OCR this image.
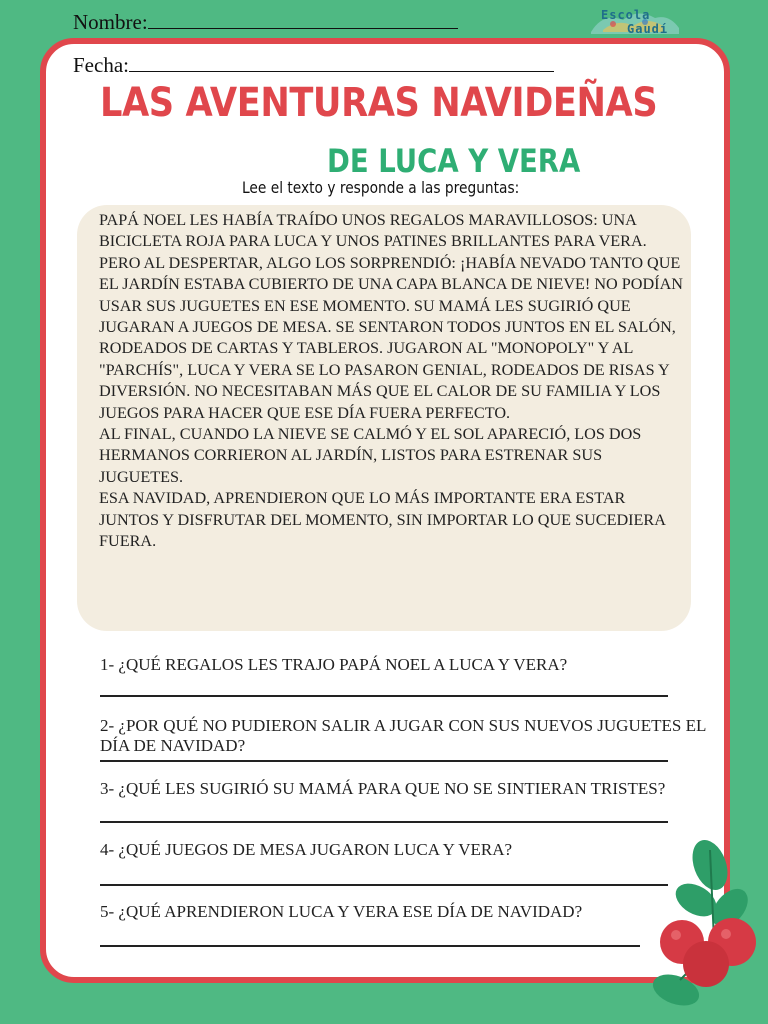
Escola
Gaudí
Nombre:
Fecha:
LAS AVENTURAS NAVIDEÑAS
DE LUCA Y VERA
Lee el texto y responde a las preguntas:

PAPÁ NOEL LES HABÍA TRAÍDO UNOS REGALOS MARAVILLOSOS: UNA BICICLETA ROJA PARA LUCA Y UNOS PATINES BRILLANTES PARA VERA. PERO AL DESPERTAR, ALGO LOS SORPRENDIÓ: ¡HABÍA NEVADO TANTO QUE EL JARDÍN ESTABA CUBIERTO DE UNA CAPA BLANCA DE NIEVE! NO PODÍAN USAR SUS JUGUETES EN ESE MOMENTO. SU MAMÁ LES SUGIRIÓ QUE JUGARAN A JUEGOS DE MESA. SE SENTARON TODOS JUNTOS EN EL SALÓN, RODEADOS DE CARTAS Y TABLEROS. JUGARON AL "MONOPOLY" Y AL "PARCHÍS", LUCA Y VERA SE LO PASARON GENIAL, RODEADOS DE RISAS Y DIVERSIÓN. NO NECESITABAN MÁS QUE EL CALOR DE SU FAMILIA Y LOS JUEGOS PARA HACER QUE ESE DÍA FUERA PERFECTO.

AL FINAL, CUANDO LA NIEVE SE CALMÓ Y EL SOL APARECIÓ, LOS DOS HERMANOS CORRIERON AL JARDÍN, LISTOS PARA ESTRENAR SUS JUGUETES.

ESA NAVIDAD, APRENDIERON QUE LO MÁS IMPORTANTE ERA ESTAR JUNTOS Y DISFRUTAR DEL MOMENTO, SIN IMPORTAR LO QUE SUCEDIERA FUERA.

1- ¿QUÉ REGALOS LES TRAJO PAPÁ NOEL A LUCA Y VERA?
2- ¿POR QUÉ NO PUDIERON SALIR A JUGAR CON SUS NUEVOS JUGUETES EL DÍA DE NAVIDAD?
3- ¿QUÉ LES SUGIRIÓ SU MAMÁ PARA QUE NO SE SINTIERAN TRISTES?
4- ¿QUÉ JUEGOS DE MESA JUGARON LUCA Y VERA?
5- ¿QUÉ APRENDIERON LUCA Y VERA ESE DÍA DE NAVIDAD?
